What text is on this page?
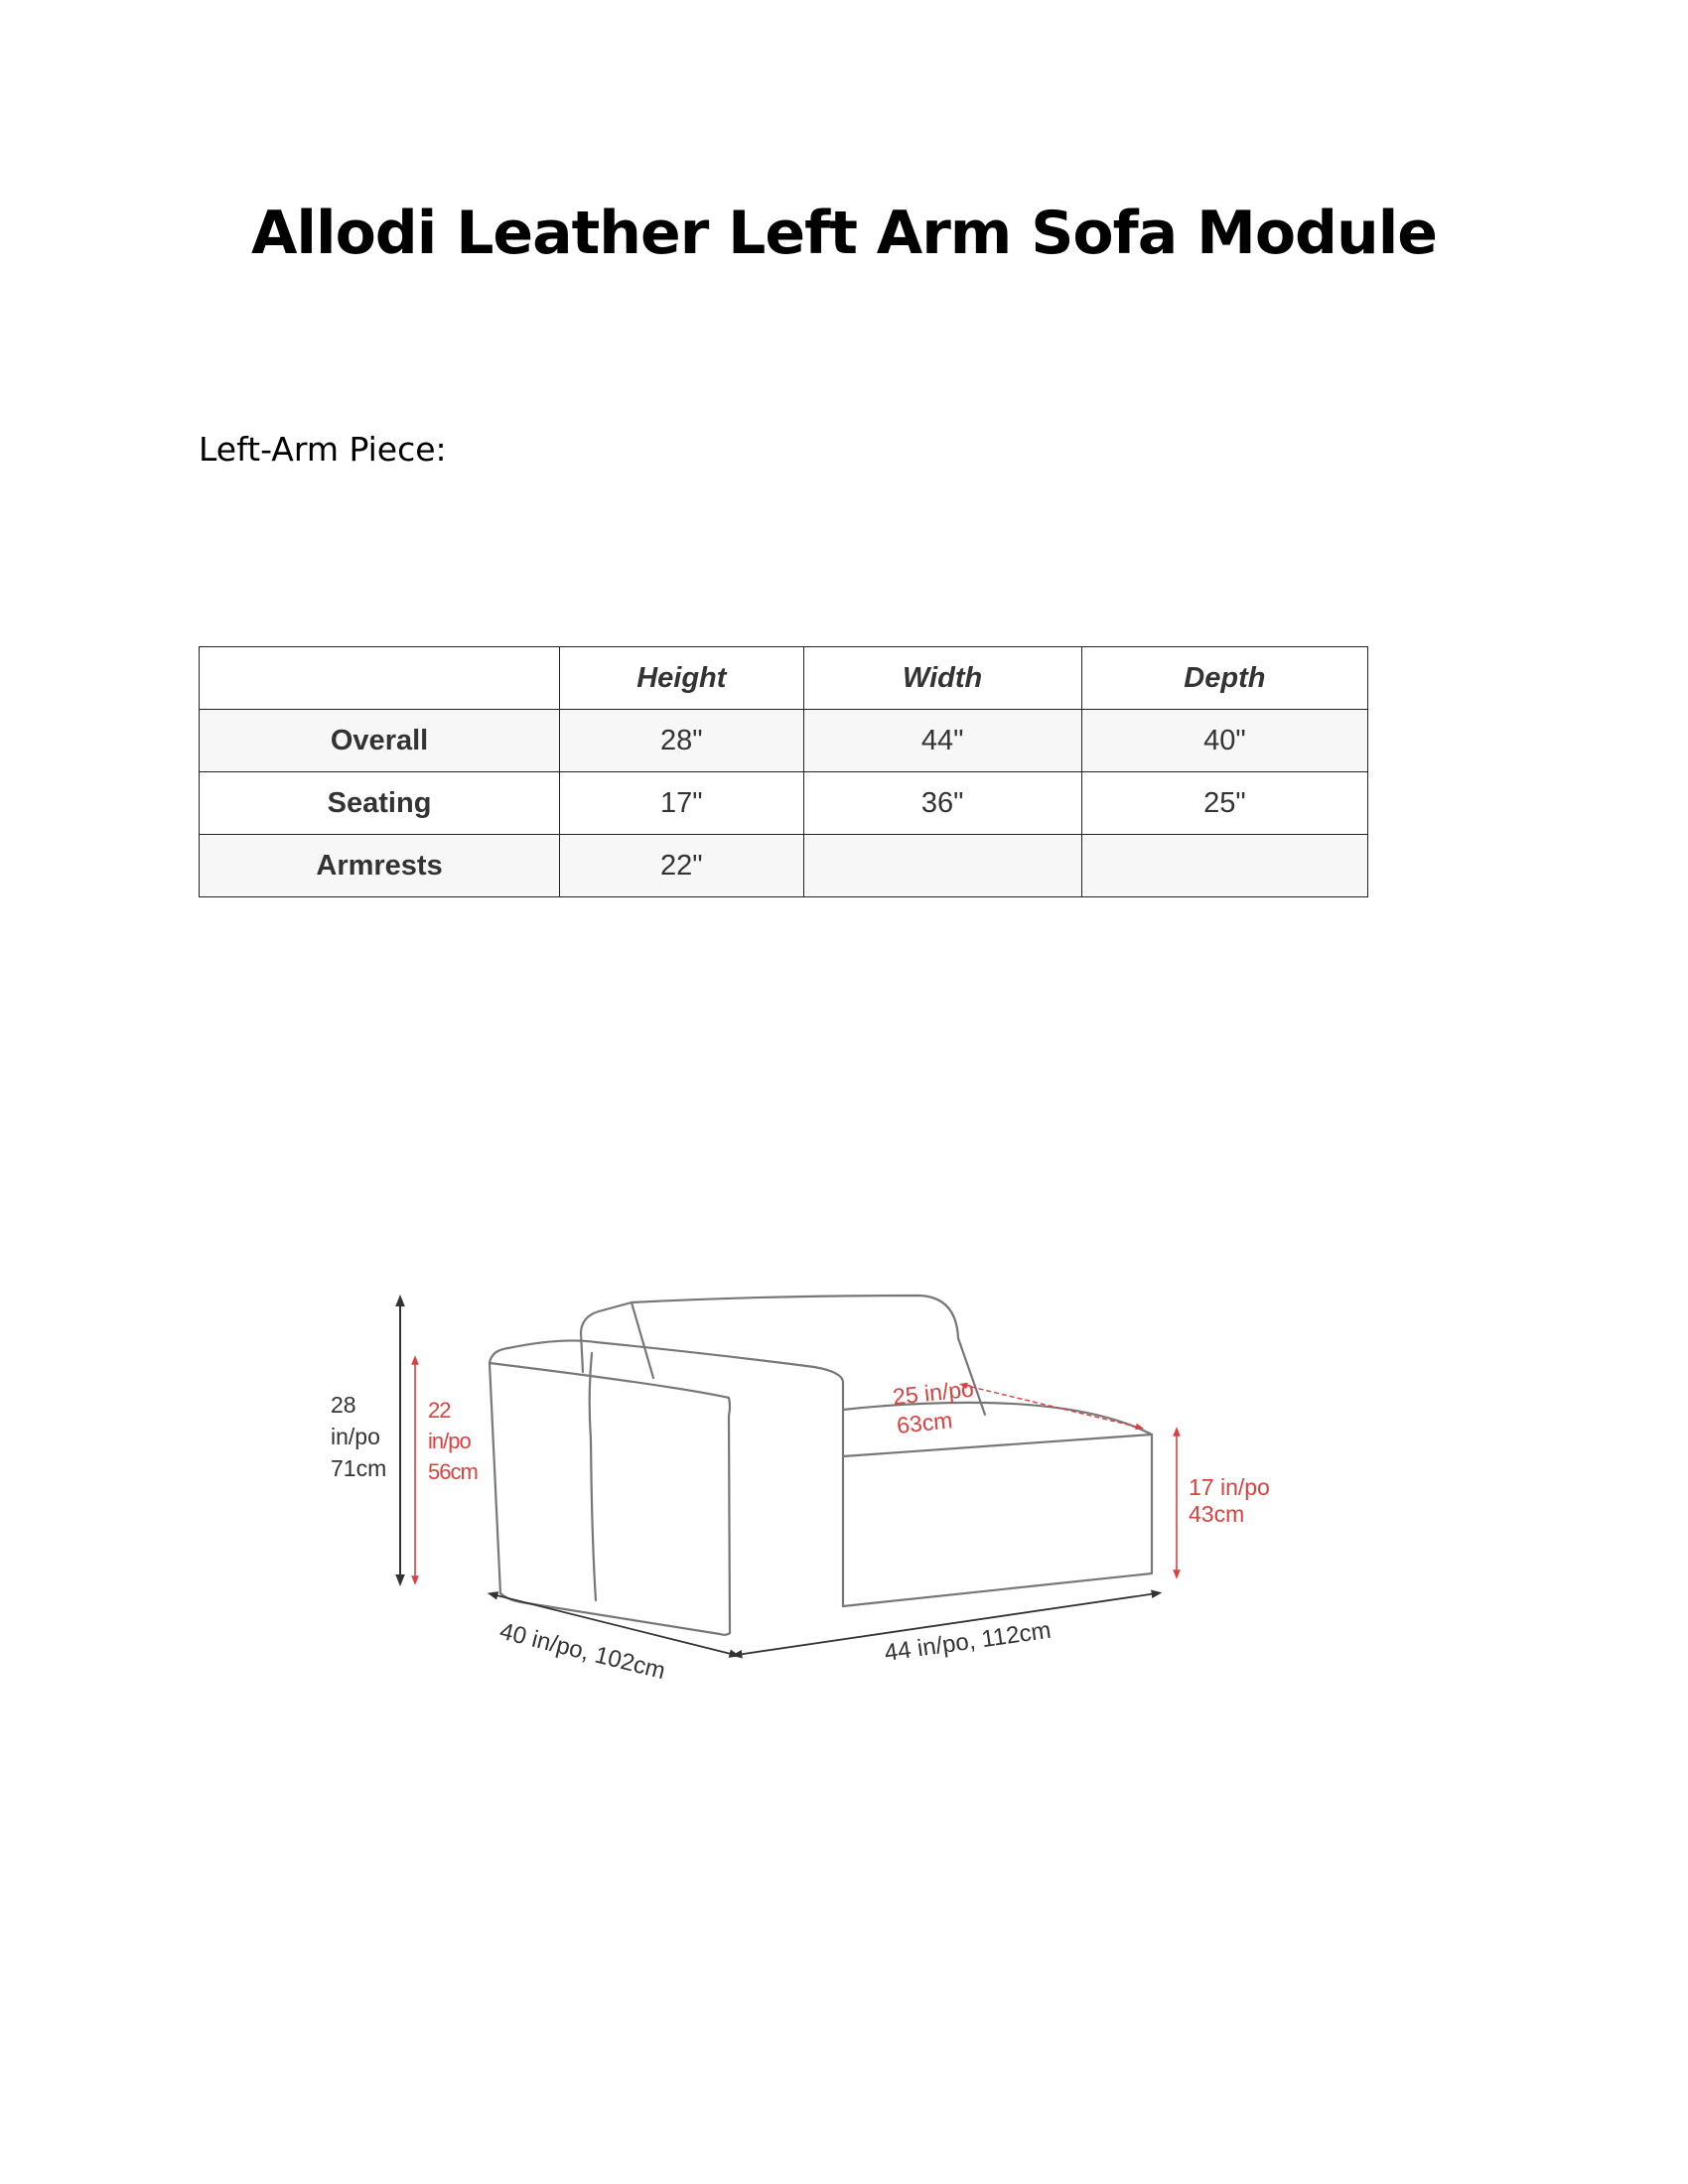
Allodi Leather Left Arm Sofa Module

Left-Arm Piece:

	Height	Width	Depth
Overall	28"	44"	40"
Seating	17"	36"	25"
Armrests	22"		
28
in/po
71cm
22
in/po
56cm
25 in/po
63cm
17 in/po
43cm
40 in/po, 102cm	44 in/po, 112cm
